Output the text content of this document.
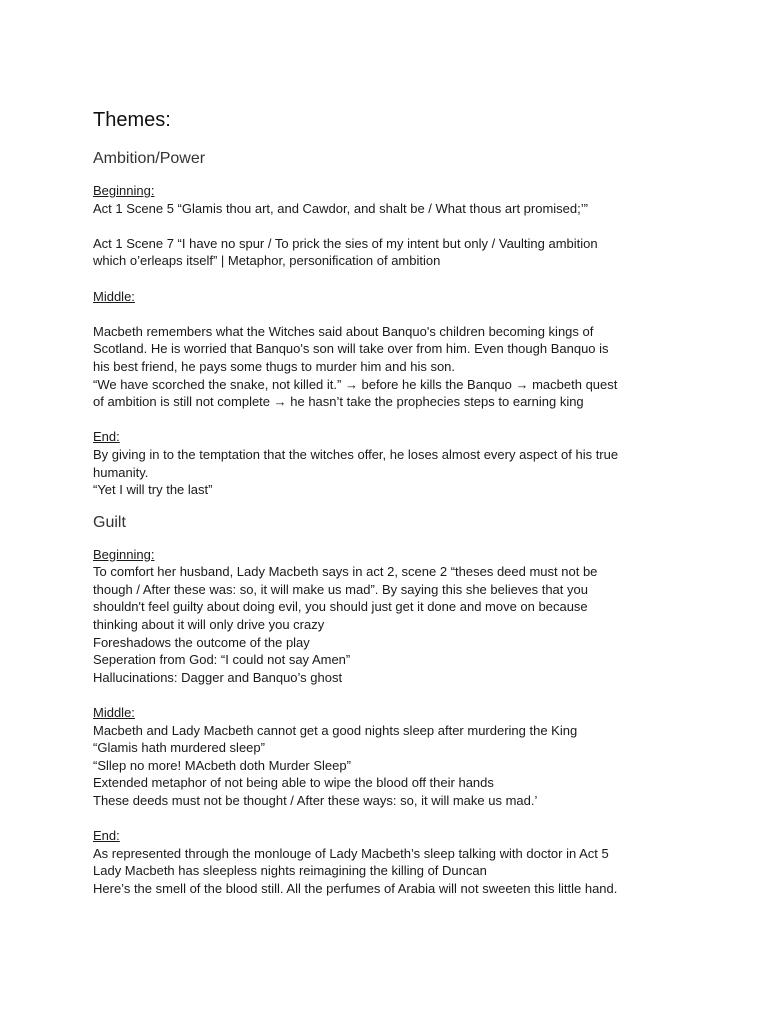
Themes:
Ambition/Power

Beginning:

Act 1 Scene 5 “Glamis thou art, and Cawdor, and shalt be / What thous art promised;’”

Act 1 Scene 7 “I have no spur / To prick the sies of my intent but only / Vaulting ambition

which o’erleaps itself” | Metaphor, personification of ambition

Middle:

Macbeth remembers what the Witches said about Banquo's children becoming kings of

Scotland. He is worried that Banquo's son will take over from him. Even though Banquo is

his best friend, he pays some thugs to murder him and his son.

“We have scorched the snake, not killed it.” → before he kills the Banquo → macbeth quest

of ambition is still not complete → he hasn’t take the prophecies steps to earning king

End:

By giving in to the temptation that the witches offer, he loses almost every aspect of his true

humanity.

“Yet I will try the last”

Guilt

Beginning:

To comfort her husband, Lady Macbeth says in act 2, scene 2 “theses deed must not be

though / After these was: so, it will make us mad”. By saying this she believes that you

shouldn't feel guilty about doing evil, you should just get it done and move on because

thinking about it will only drive you crazy

Foreshadows the outcome of the play

Seperation from God: “I could not say Amen”

Hallucinations: Dagger and Banquo’s ghost

Middle:

Macbeth and Lady Macbeth cannot get a good nights sleep after murdering the King

“Glamis hath murdered sleep”

“Sllep no more! MAcbeth doth Murder Sleep”

Extended metaphor of not being able to wipe the blood off their hands

These deeds must not be thought / After these ways: so, it will make us mad.’

End:

As represented through the monlouge of Lady Macbeth’s sleep talking with doctor in Act 5

Lady Macbeth has sleepless nights reimagining the killing of Duncan

Here’s the smell of the blood still. All the perfumes of Arabia will not sweeten this little hand.
